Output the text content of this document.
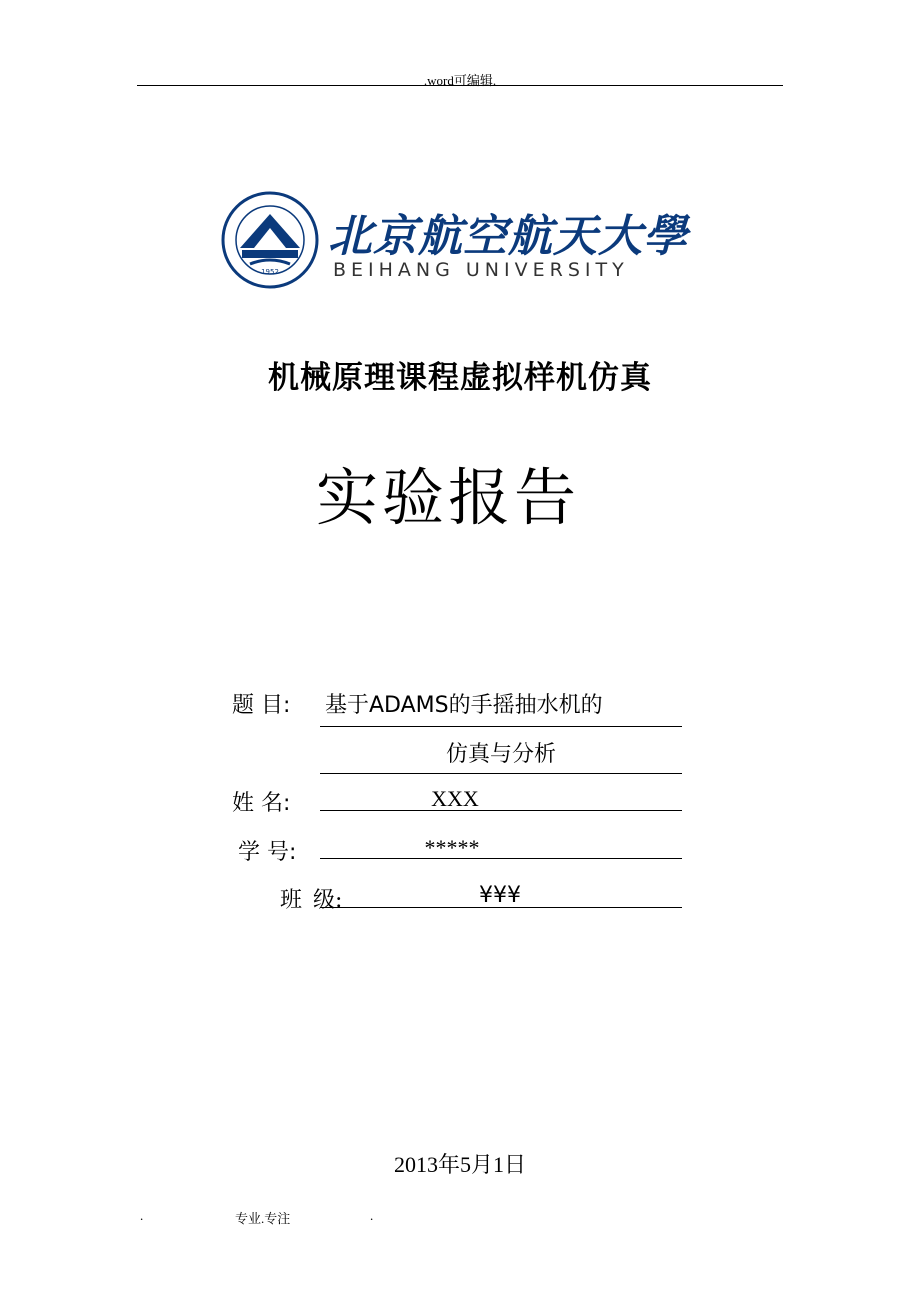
.word可编辑.
1952
北京航空航天大學
BEIHANG UNIVERSITY
机械原理课程虚拟样机仿真
实验报告
题 目: 基于ADAMS的手摇抽水机的
仿真与分析
姓 名:	XXX
学 号:	*****
班 级:	¥¥¥
2013年5月1日
.	专业.专注	.
